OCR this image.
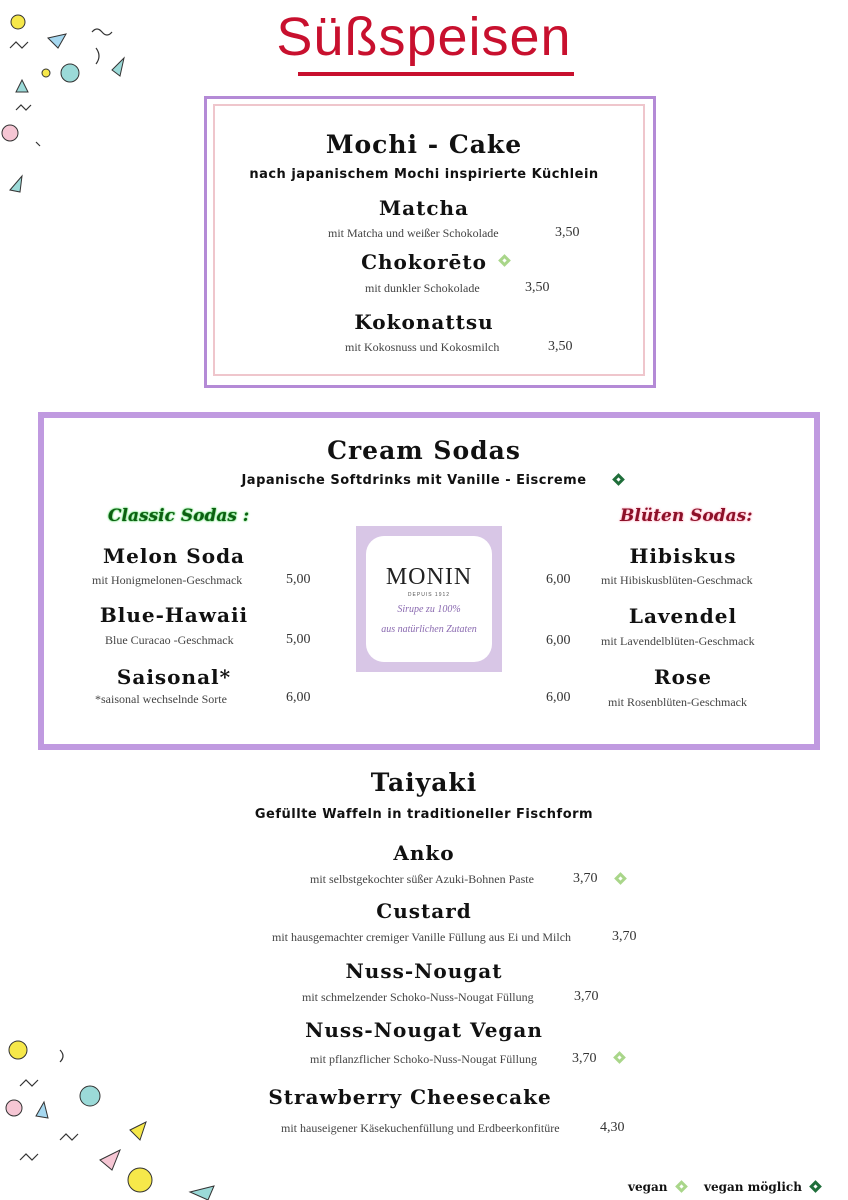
Süßspeisen
Mochi - Cake
nach japanischem Mochi inspirierte Küchlein
Matcha
mit Matcha und weißer Schokolade	3,50
Chokorēto
mit dunkler Schokolade	3,50
Kokonattsu
mit Kokosnuss und Kokosmilch	3,50
Cream Sodas
Japanische Softdrinks mit Vanille - Eiscreme
Classic Sodas :	Blüten Sodas:
Melon Soda
mit Honigmelonen-Geschmack	5,00
Blue-Hawaii
Blue Curacao -Geschmack	5,00
Saisonal*
*saisonal wechselnde Sorte	6,00
MONIN
DEPUIS 1912
Sirupe zu 100%
aus natürlichen Zutaten
Hibiskus
mit Hibiskusblüten-Geschmack
6,00
Lavendel
mit Lavendelblüten-Geschmack
6,00
Rose
mit Rosenblüten-Geschmack
6,00
Taiyaki
Gefüllte Waffeln in traditioneller Fischform
Anko
mit selbstgekochter süßer Azuki-Bohnen Paste	3,70
Custard
mit hausgemachter cremiger Vanille Füllung aus Ei und Milch	3,70
Nuss-Nougat
mit schmelzender Schoko-Nuss-Nougat Füllung	3,70
Nuss-Nougat Vegan
mit pflanzflicher Schoko-Nuss-Nougat Füllung	3,70
Strawberry Cheesecake
mit hauseigener Käsekuchenfüllung und Erdbeerkonfitüre	4,30
vegan	vegan möglich
